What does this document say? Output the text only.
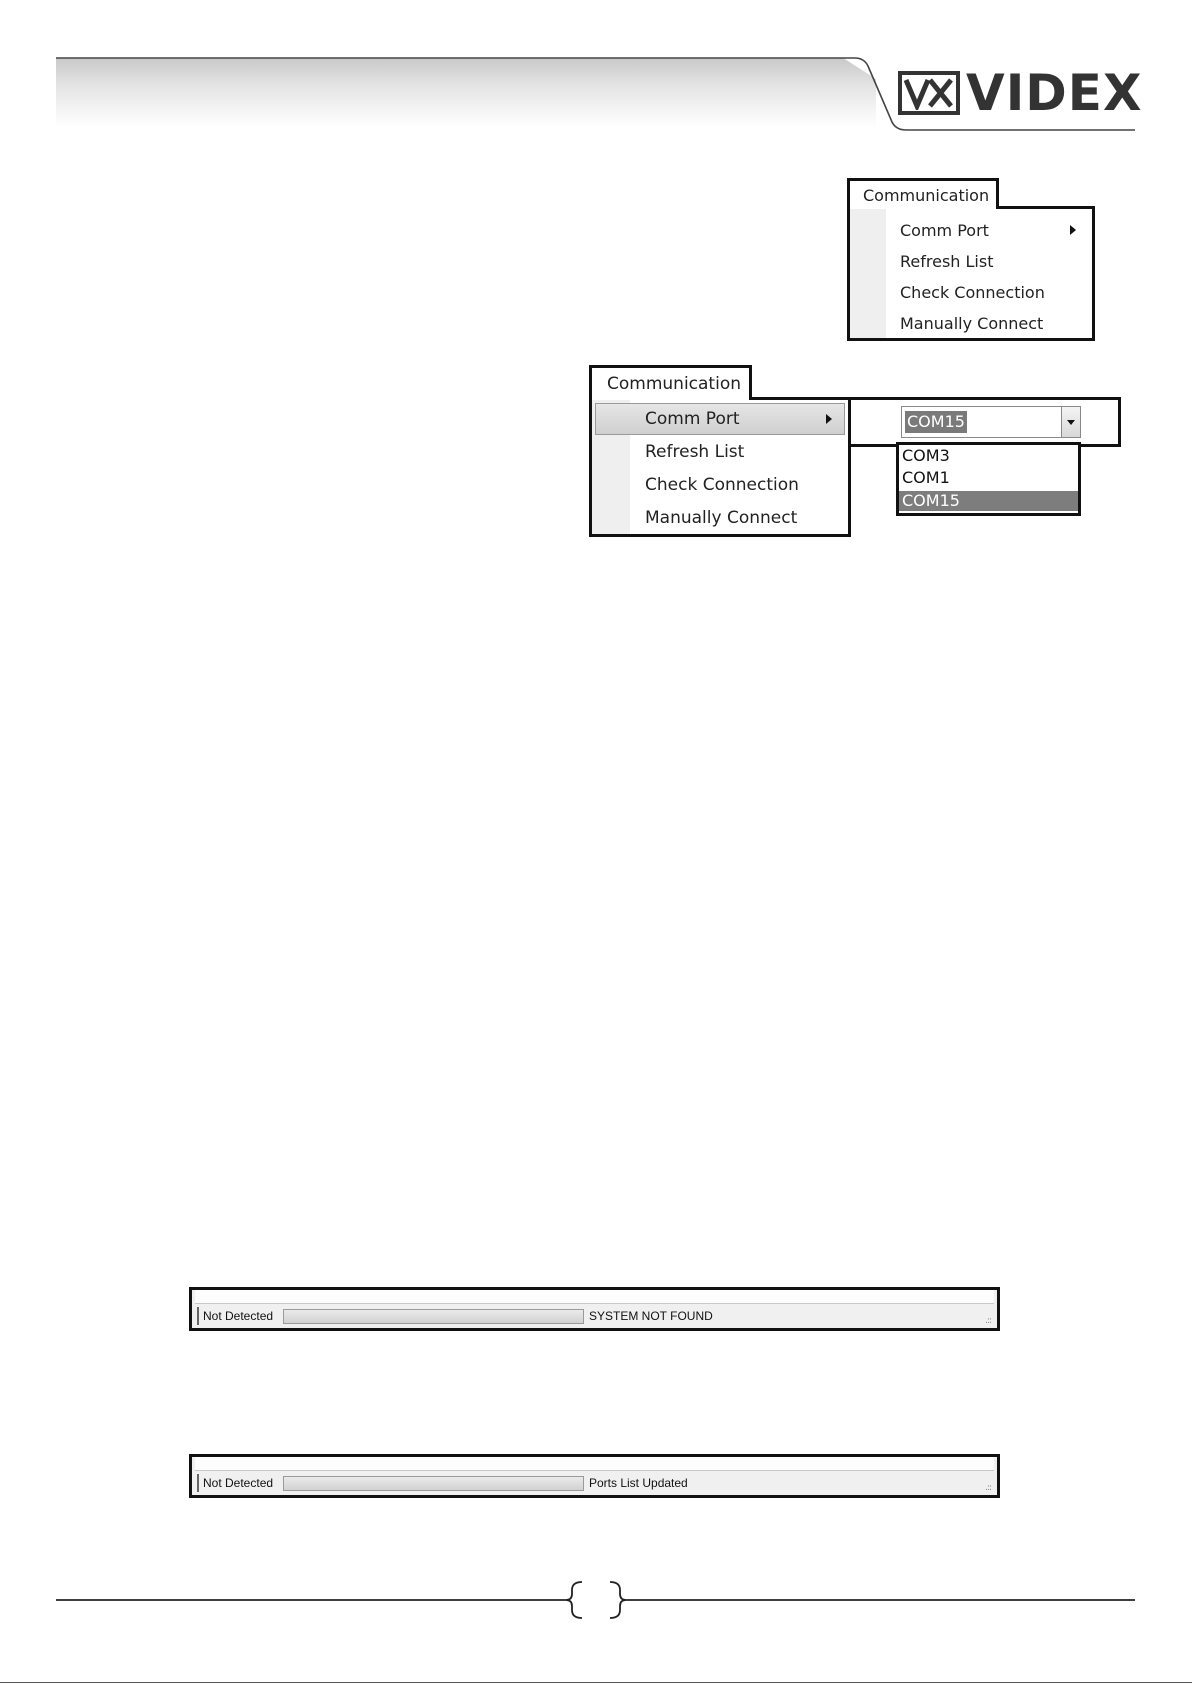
VIDEX
Communication
Comm Port
Refresh List
Check Connection
Manually Connect
Communication
COM15
COM3
COM1
COM15
Comm Port
Refresh List
Check Connection
Manually Connect
Not Detected	SYSTEM NOT FOUND	.::
Not Detected	Ports List Updated	.::
